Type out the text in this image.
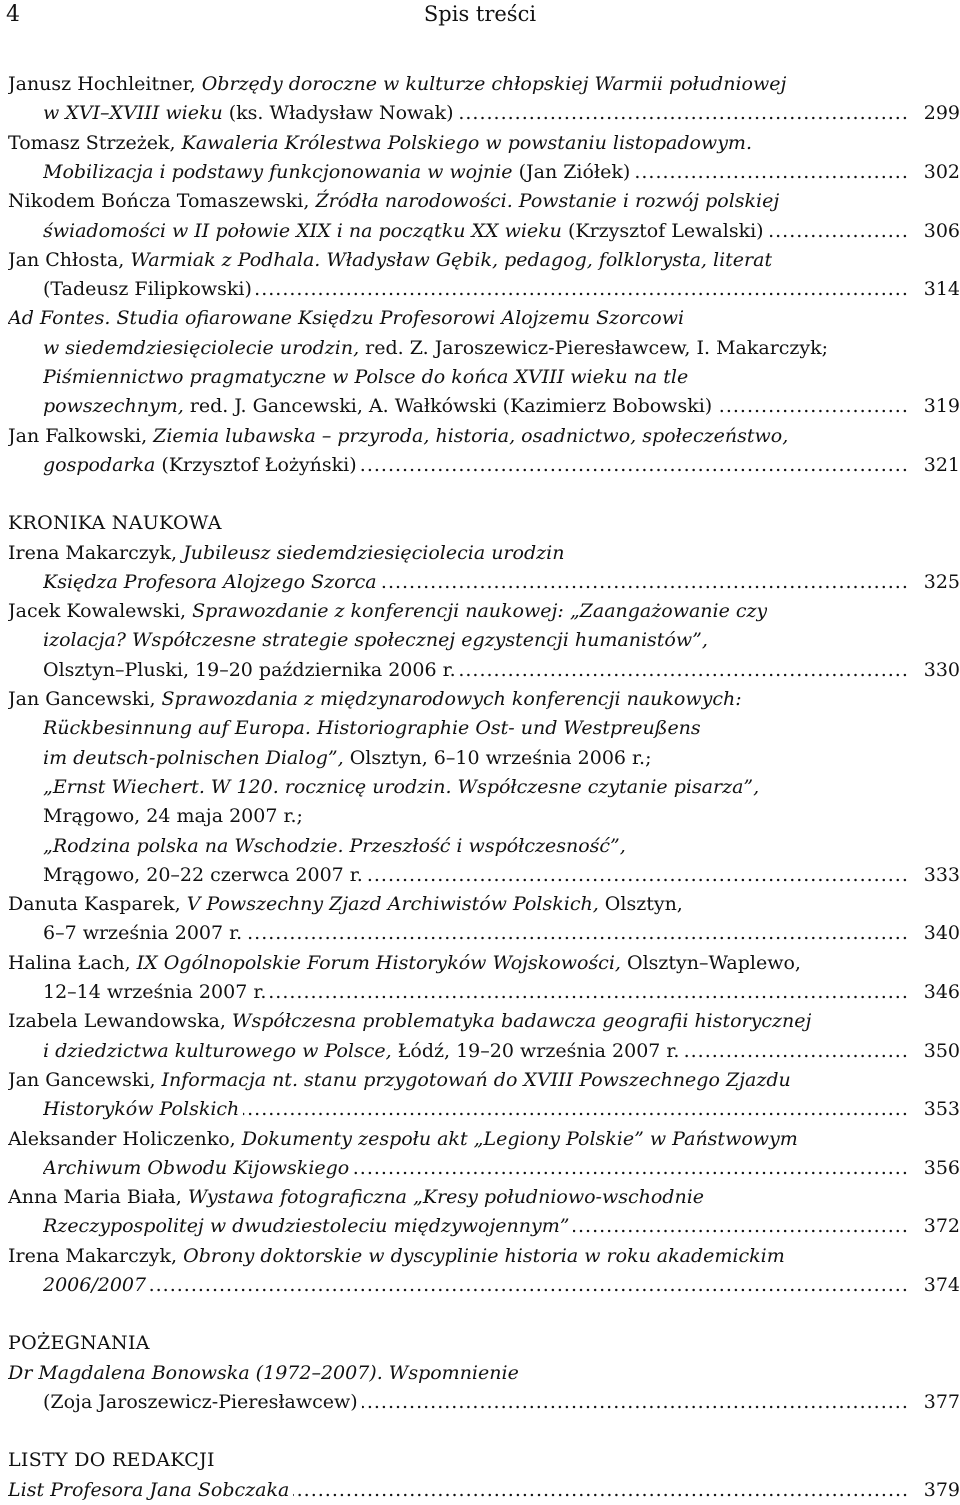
4	Spis treści
Janusz Hochleitner, Obrzędy doroczne w kulturze chłopskiej Warmii południowej
..... w XVI–XVIII wieku (ks. Władysław Nowak)	299
Tomasz Strzeżek, Kawaleria Królestwa Polskiego w powstaniu listopadowym.
..... Mobilizacja i podstawy funkcjonowania w wojnie (Jan Ziółek)	302
Nikodem Bończa Tomaszewski, Źródła narodowości. Powstanie i rozwój polskiej
..... świadomości w II połowie XIX i na początku XX wieku (Krzysztof Lewalski)	306
Jan Chłosta, Warmiak z Podhala. Władysław Gębik, pedagog, folklorysta, literat
..... (Tadeusz Filipkowski)	314
Ad Fontes. Studia ofiarowane Księdzu Profesorowi Alojzemu Szorcowi
w siedemdziesięciolecie urodzin, red. Z. Jaroszewicz-Pieresławcew, I. Makarczyk;
Piśmiennictwo pragmatyczne w Polsce do końca XVIII wieku na tle
..... powszechnym, red. J. Gancewski, A. Wałkówski (Kazimierz Bobowski)	319
Jan Falkowski, Ziemia lubawska – przyroda, historia, osadnictwo, społeczeństwo,
..... gospodarka (Krzysztof Łożyński)	321
KRONIKA NAUKOWA
Irena Makarczyk, Jubileusz siedemdziesięciolecia urodzin
..... Księdza Profesora Alojzego Szorca	325
Jacek Kowalewski, Sprawozdanie z konferencji naukowej: „Zaangażowanie czy
izolacja? Współczesne strategie społecznej egzystencji humanistów”,
..... Olsztyn–Pluski, 19–20 października 2006 r.	330
Jan Gancewski, Sprawozdania z międzynarodowych konferencji naukowych:
Rückbesinnung auf Europa. Historiographie Ost- und Westpreußens
im deutsch-polnischen Dialog”, Olsztyn, 6–10 września 2006 r.;
„Ernst Wiechert. W 120. rocznicę urodzin. Współczesne czytanie pisarza”,
Mrągowo, 24 maja 2007 r.;
„Rodzina polska na Wschodzie. Przeszłość i współczesność”,
..... Mrągowo, 20–22 czerwca 2007 r.	333
Danuta Kasparek, V Powszechny Zjazd Archiwistów Polskich, Olsztyn,
..... 6–7 września 2007 r.	340
Halina Łach, IX Ogólnopolskie Forum Historyków Wojskowości, Olsztyn–Waplewo,
..... 12–14 września 2007 r.	346
Izabela Lewandowska, Współczesna problematyka badawcza geografii historycznej
..... i dziedzictwa kulturowego w Polsce, Łódź, 19–20 września 2007 r.	350
Jan Gancewski, Informacja nt. stanu przygotowań do XVIII Powszechnego Zjazdu
..... Historyków Polskich	353
Aleksander Holiczenko, Dokumenty zespołu akt „Legiony Polskie” w Państwowym
..... Archiwum Obwodu Kijowskiego	356
Anna Maria Biała, Wystawa fotograficzna „Kresy południowo-wschodnie
..... Rzeczypospolitej w dwudziestoleciu międzywojennym”	372
Irena Makarczyk, Obrony doktorskie w dyscyplinie historia w roku akademickim
..... 2006/2007	374
POŻEGNANIA
Dr Magdalena Bonowska (1972–2007). Wspomnienie
..... (Zoja Jaroszewicz-Pieresławcew)	377
LISTY DO REDAKCJI
..... List Profesora Jana Sobczaka	379
